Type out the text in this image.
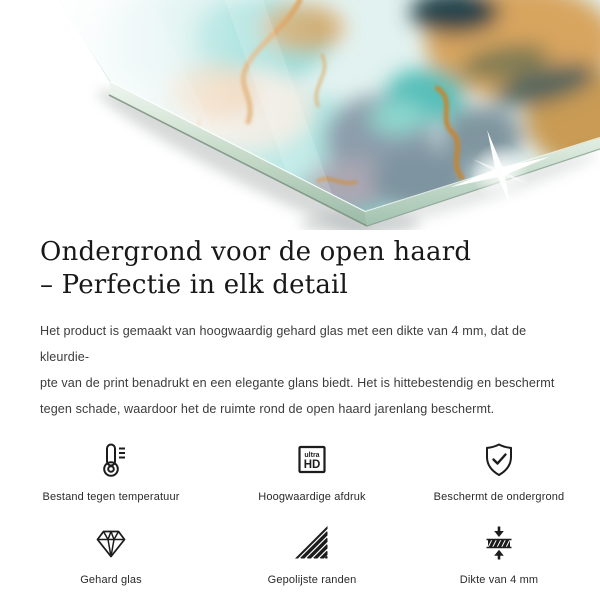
Ondergrond voor de open haard
– Perfectie in elk detail
Het product is gemaakt van hoogwaardig gehard glas met een dikte van 4 mm, dat de kleurdie-
pte van de print benadrukt en een elegante glans biedt. Het is hittebestendig en beschermt
tegen schade, waardoor het de ruimte rond de open haard jarenlang beschermt.
Bestand tegen temperatuur
ultra
HD
Hoogwaardige afdruk	Beschermt de ondergrond
Gehard glas	Gepolijste randen	Dikte van 4 mm
